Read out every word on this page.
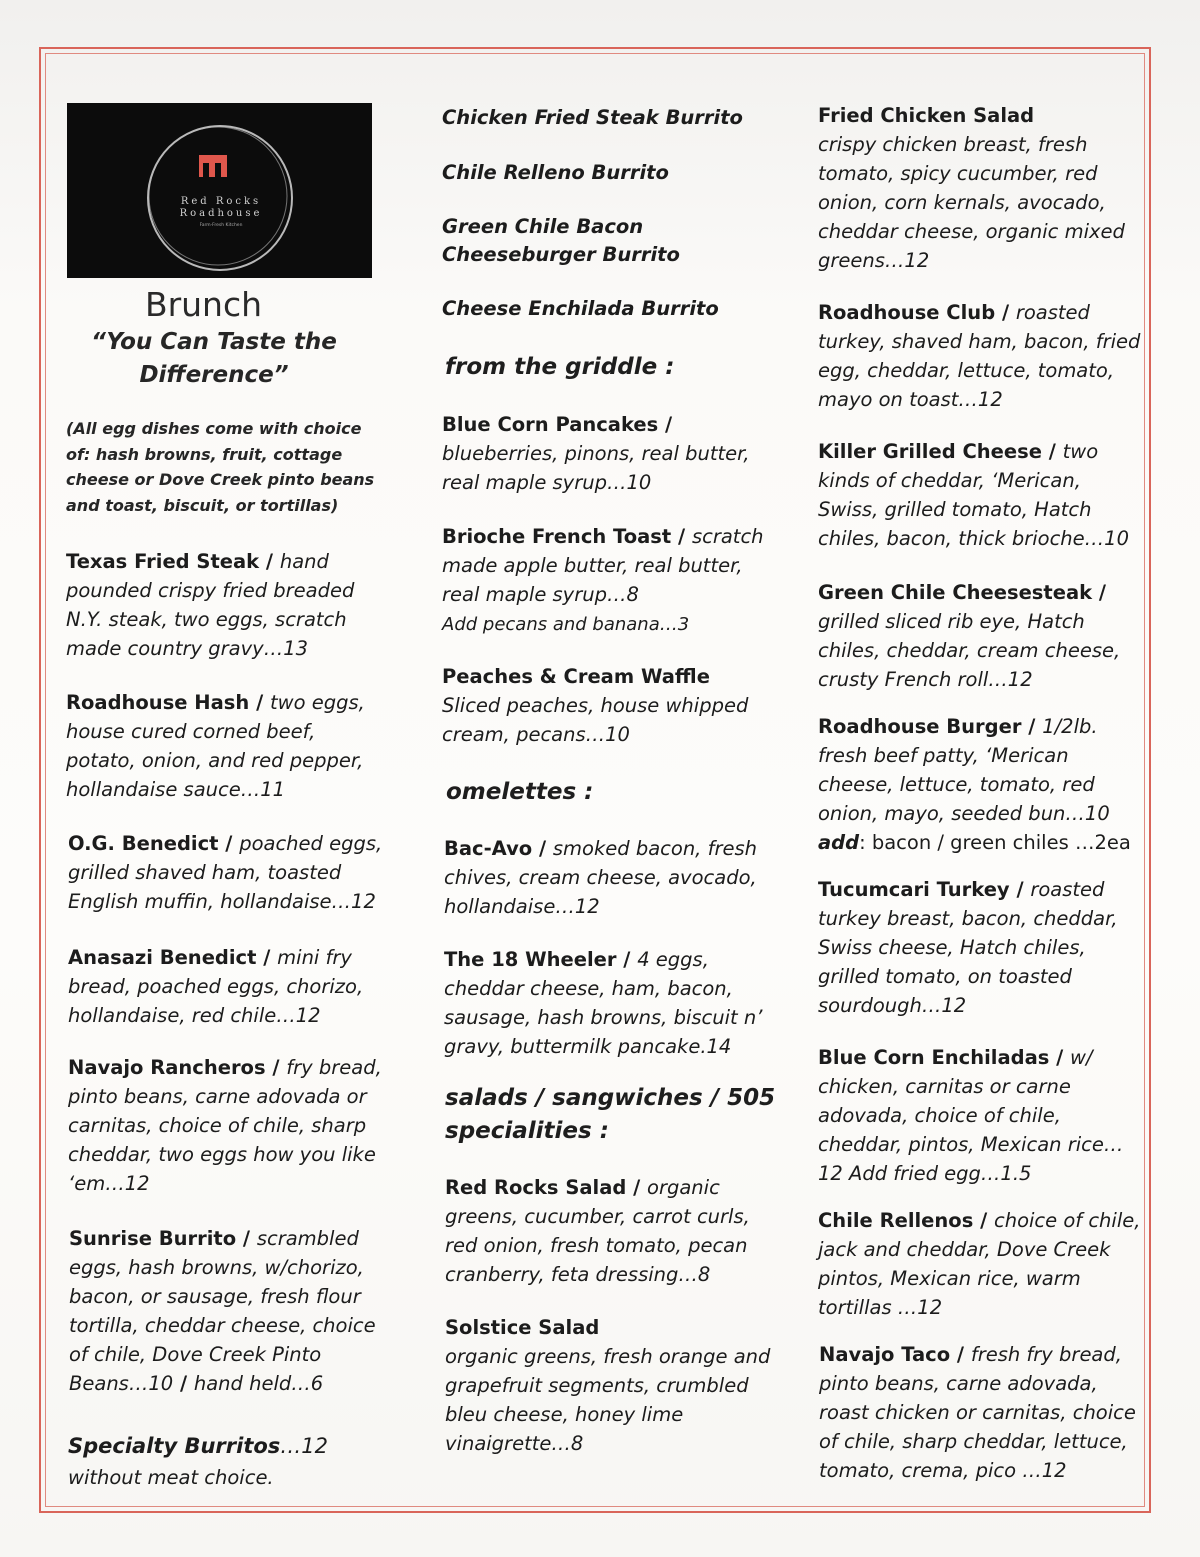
Red Rocks
Roadhouse
Farm·Fresh Kitchen
Brunch
“You Can Taste the Difference”
(All egg dishes come with choice of: hash browns, fruit, cottage cheese or Dove Creek pinto beans and toast, biscuit, or tortillas)
Texas Fried Steak / hand pounded crispy fried breaded N.Y. steak, two eggs, scratch made country gravy…13
Roadhouse Hash / two eggs, house cured corned beef, potato, onion, and red pepper, hollandaise sauce…11
O.G. Benedict / poached eggs, grilled shaved ham, toasted English muffin, hollandaise…12
Anasazi Benedict / mini fry bread, poached eggs, chorizo, hollandaise, red chile…12
Navajo Rancheros / fry bread, pinto beans, carne adovada or carnitas, choice of chile, sharp cheddar, two eggs how you like ‘em…12
Sunrise Burrito / scrambled eggs, hash browns, w/chorizo, bacon, or sausage, fresh flour tortilla, cheddar cheese, choice of chile, Dove Creek Pinto Beans…10 / hand held…6
Specialty Burritos…12
without meat choice.
Chicken Fried Steak Burrito
Chile Relleno Burrito
Green Chile Bacon
Cheeseburger Burrito
Cheese Enchilada Burrito
from the griddle :
Blue Corn Pancakes / blueberries, pinons, real butter, real maple syrup…10
Brioche French Toast / scratch made apple butter, real butter, real maple syrup…8
Add pecans and banana…3
Peaches & Cream Waffle
Sliced peaches, house whipped cream, pecans…10
omelettes :
Bac-Avo / smoked bacon, fresh chives, cream cheese, avocado, hollandaise…12
The 18 Wheeler / 4 eggs, cheddar cheese, ham, bacon, sausage, hash browns, biscuit n’ gravy, buttermilk pancake.14
salads / sangwiches / 505
specialities :
Red Rocks Salad / organic greens, cucumber, carrot curls, red onion, fresh tomato, pecan cranberry, feta dressing…8
Solstice Salad
organic greens, fresh orange and grapefruit segments, crumbled bleu cheese, honey lime vinaigrette…8
Fried Chicken Salad
crispy chicken breast, fresh tomato, spicy cucumber, red onion, corn kernals, avocado, cheddar cheese, organic mixed greens…12
Roadhouse Club / roasted turkey, shaved ham, bacon, fried egg, cheddar, lettuce, tomato, mayo on toast…12
Killer Grilled Cheese / two kinds of cheddar, ‘Merican, Swiss, grilled tomato, Hatch chiles, bacon, thick brioche…10
Green Chile Cheesesteak / grilled sliced rib eye, Hatch chiles, cheddar, cream cheese, crusty French roll…12
Roadhouse Burger / 1/2lb. fresh beef patty, ‘Merican cheese, lettuce, tomato, red onion, mayo, seeded bun…10
add: bacon / green chiles …2ea
Tucumcari Turkey / roasted turkey breast, bacon, cheddar, Swiss cheese, Hatch chiles, grilled tomato, on toasted sourdough…12
Blue Corn Enchiladas / w/ chicken, carnitas or carne adovada, choice of chile, cheddar, pintos, Mexican rice…12 Add fried egg…1.5
Chile Rellenos / choice of chile, jack and cheddar, Dove Creek pintos, Mexican rice, warm tortillas …12
Navajo Taco / fresh fry bread, pinto beans, carne adovada, roast chicken or carnitas, choice of chile, sharp cheddar, lettuce, tomato, crema, pico …12
